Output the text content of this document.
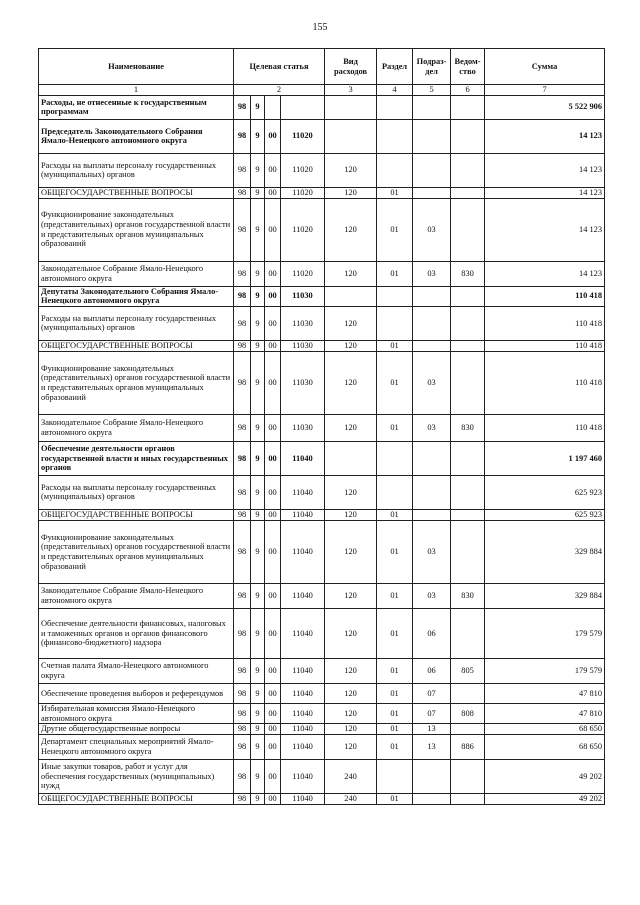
155
Наименование	Целевая статья				Вид расходов	Раздел	Подраз-дел	Ведом-ство	Сумма
1	2				3	4	5	6	7
Расходы, не отнесенные к государственным программам	98	9							5 522 906
Председатель Законодательного Собрания Ямало-Ненецкого автономного округа	98	9	00	11020					14 123
Расходы на выплаты персоналу государственных (муниципальных) органов	98	9	00	11020	120				14 123
ОБЩЕГОСУДАРСТВЕННЫЕ ВОПРОСЫ	98	9	00	11020	120	01			14 123
Функционирование законодательных (представительных) органов государственной власти и представительных органов муниципальных образований	98	9	00	11020	120	01	03		14 123
Законодательное Собрание Ямало-Ненецкого автономного округа	98	9	00	11020	120	01	03	830	14 123
Депутаты Законодательного Собрания Ямало-Ненецкого автономного округа	98	9	00	11030					110 418
Расходы на выплаты персоналу государственных (муниципальных) органов	98	9	00	11030	120				110 418
ОБЩЕГОСУДАРСТВЕННЫЕ ВОПРОСЫ	98	9	00	11030	120	01			110 418
Функционирование законодательных (представительных) органов государственной власти и представительных органов муниципальных образований	98	9	00	11030	120	01	03		110 418
Законодательное Собрание Ямало-Ненецкого автономного округа	98	9	00	11030	120	01	03	830	110 418
Обеспечение деятельности органов государственной власти и иных государственных органов	98	9	00	11040					1 197 460
Расходы на выплаты персоналу государственных (муниципальных) органов	98	9	00	11040	120				625 923
ОБЩЕГОСУДАРСТВЕННЫЕ ВОПРОСЫ	98	9	00	11040	120	01			625 923
Функционирование законодательных (представительных) органов государственной власти и представительных органов муниципальных образований	98	9	00	11040	120	01	03		329 884
Законодательное Собрание Ямало-Ненецкого автономного округа	98	9	00	11040	120	01	03	830	329 884
Обеспечение деятельности финансовых, налоговых и таможенных органов и органов финансового (финансово-бюджетного) надзора	98	9	00	11040	120	01	06		179 579
Счетная палата Ямало-Ненецкого автономного округа	98	9	00	11040	120	01	06	805	179 579
Обеспечение проведения выборов и референдумов	98	9	00	11040	120	01	07		47 810
Избирательная комиссия Ямало-Ненецкого автономного округа	98	9	00	11040	120	01	07	808	47 810
Другие общегосударственные вопросы	98	9	00	11040	120	01	13		68 650
Департамент специальных мероприятий Ямало-Ненецкого автономного округа	98	9	00	11040	120	01	13	886	68 650
Иные закупки товаров, работ и услуг для обеспечения государственных (муниципальных) нужд	98	9	00	11040	240				49 202
ОБЩЕГОСУДАРСТВЕННЫЕ ВОПРОСЫ	98	9	00	11040	240	01			49 202
